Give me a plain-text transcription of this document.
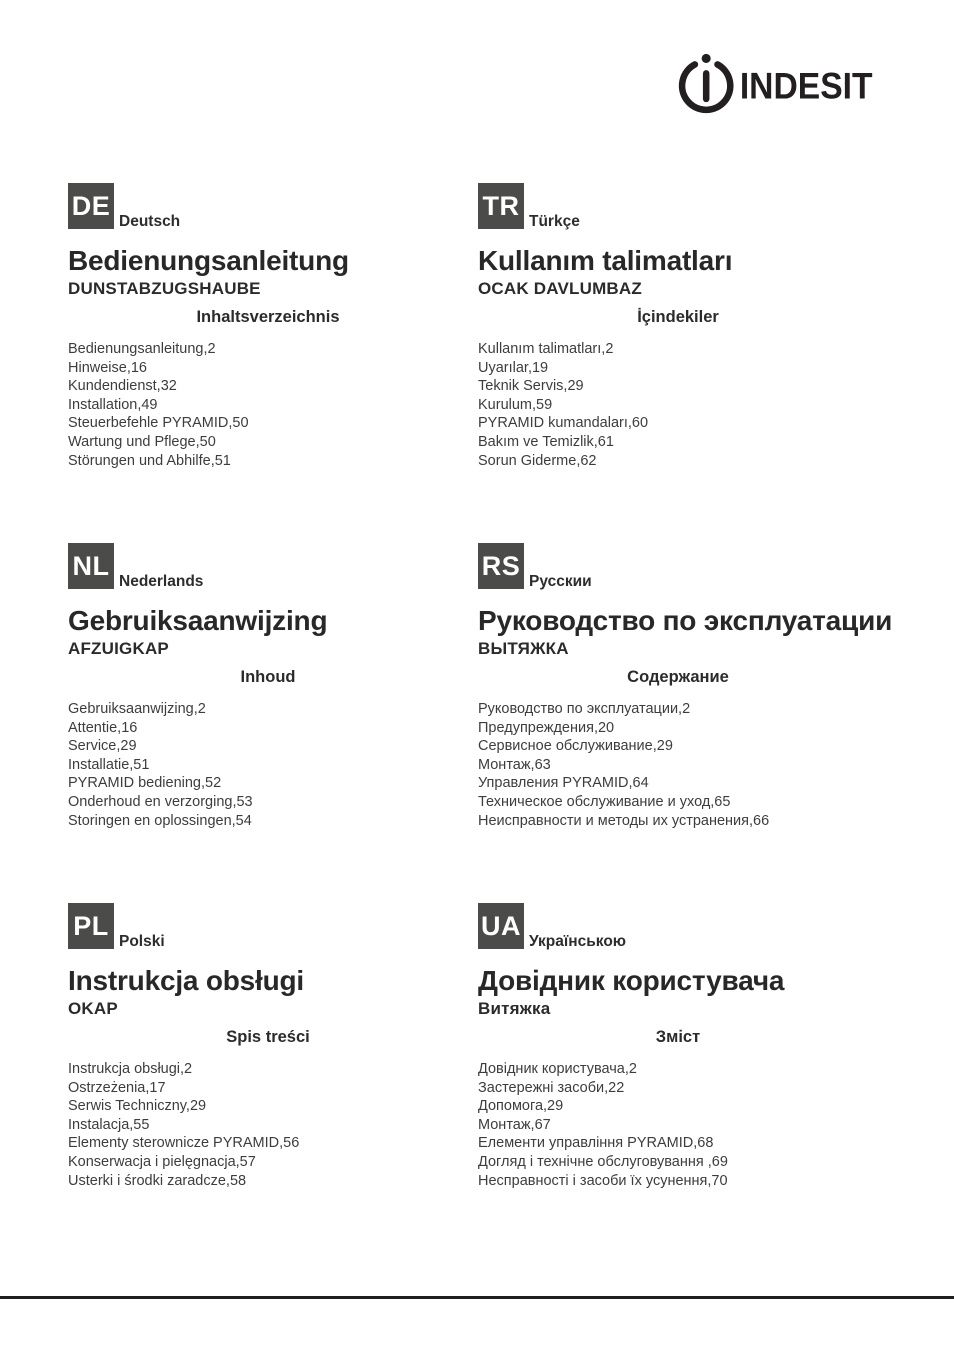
INDESIT
DE
Deutsch
Bedienungsanleitung
DUNSTABZUGSHAUBE
Inhaltsverzeichnis
Bedienungsanleitung,2
Hinweise,16
Kundendienst,32
Installation,49
Steuerbefehle PYRAMID,50
Wartung und Pflege,50
Störungen und Abhilfe,51
TR
Türkçe
Kullanım talimatları
OCAK DAVLUMBAZ
İçindekiler
Kullanım talimatları,2
Uyarılar,19
Teknik Servis,29
Kurulum,59
PYRAMID kumandaları,60
Bakım ve Temizlik,61
Sorun Giderme,62
NL
Nederlands
Gebruiksaanwijzing
AFZUIGKAP
Inhoud
Gebruiksaanwijzing,2
Attentie,16
Service,29
Installatie,51
PYRAMID bediening,52
Onderhoud en verzorging,53
Storingen en oplossingen,54
RS
Русскии
Руководство по эксплуатации
ВЫТЯЖКА
Содержание
Руководство по эксплуатации,2
Предупреждения,20
Сервисное обслуживание,29
Монтаж,63
Управления PYRAMID,64
Техническое обслуживание и уход,65
Неисправности и методы их устранения,66
PL
Polski
Instrukcja obsługi
OKAP
Spis treści
Instrukcja obsługi,2
Ostrzeżenia,17
Serwis Techniczny,29
Instalacja,55
Elementy sterownicze PYRAMID,56
Konserwacja i pielęgnacja,57
Usterki i środki zaradcze,58
UA
Українською
Довідник користувача
Витяжка
Зміст
Довідник користувача,2
Застережні засоби,22
Допомога,29
Монтаж,67
Елементи управління PYRAMID,68
Догляд і технічне обслуговування ,69
Несправності і засоби їх усунення,70
